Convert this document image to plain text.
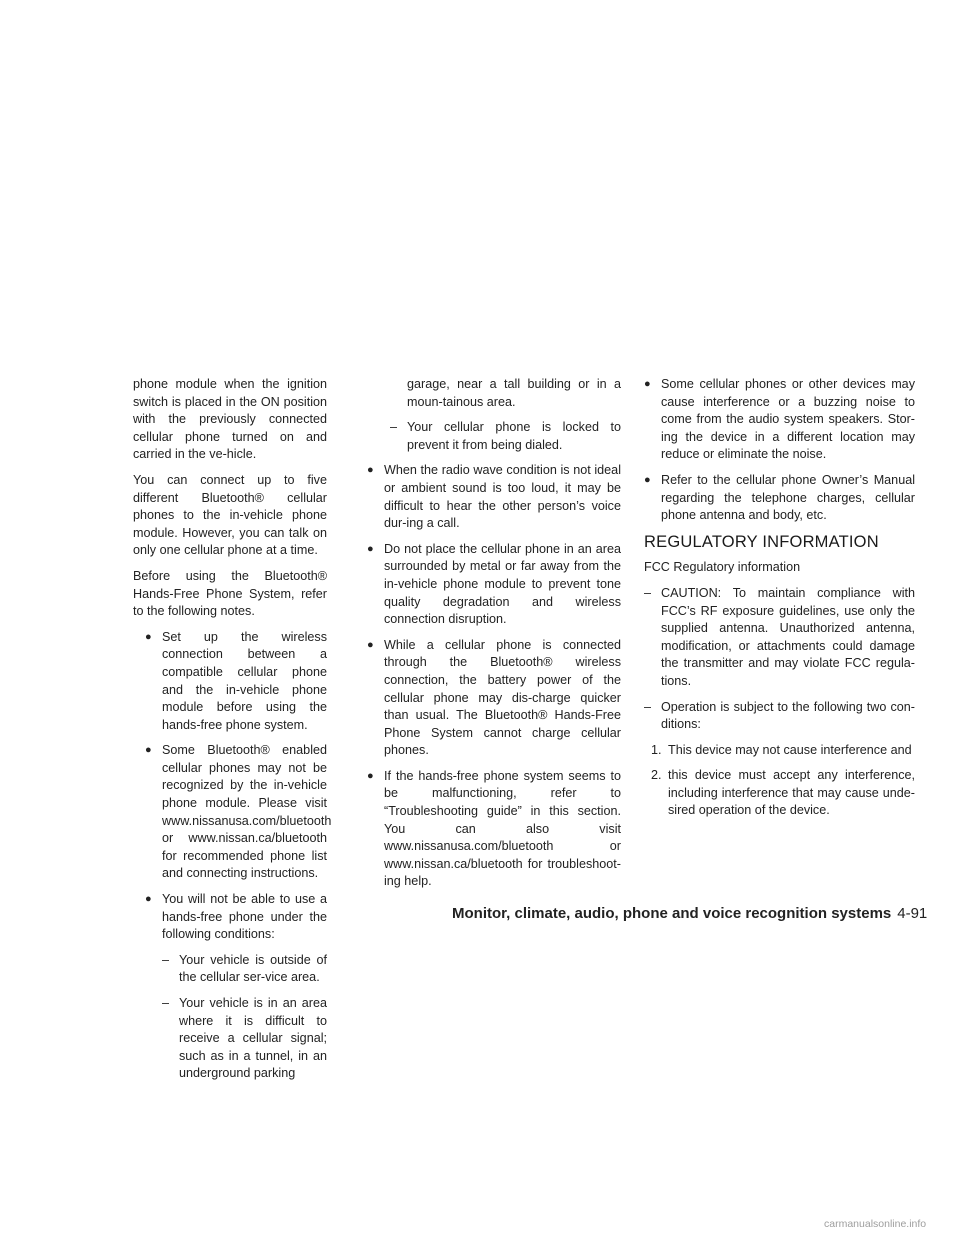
phone module when the ignition switch is placed in the ON position with the previously connected cellular phone turned on and carried in the ve-hicle.

You can connect up to five different Bluetooth® cellular phones to the in-vehicle phone module. However, you can talk on only one cellular phone at a time.

Before using the Bluetooth® Hands-Free Phone System, refer to the following notes.

● Set up the wireless connection between a compatible cellular phone and the in-vehicle phone module before using the hands-free phone system.
● Some Bluetooth® enabled cellular phones may not be recognized by the in-vehicle phone module. Please visit www.nissanusa.com/bluetooth or www.nissan.ca/bluetooth for recommended phone list and connecting instructions.
● You will not be able to use a hands-free phone under the following conditions:
– Your vehicle is outside of the cellular ser-vice area.
– Your vehicle is in an area where it is difficult to receive a cellular signal; such as in a tunnel, in an underground parking

garage, near a tall building or in a moun-tainous area.

– Your cellular phone is locked to prevent it from being dialed.
● When the radio wave condition is not ideal or ambient sound is too loud, it may be difficult to hear the other person’s voice dur-ing a call.
● Do not place the cellular phone in an area surrounded by metal or far away from the in-vehicle phone module to prevent tone quality degradation and wireless connection disruption.
● While a cellular phone is connected through the Bluetooth® wireless connection, the battery power of the cellular phone may dis-charge quicker than usual. The Bluetooth® Hands-Free Phone System cannot charge cellular phones.
● If the hands-free phone system seems to be malfunctioning, refer to “Troubleshooting guide” in this section. You can also visit www.nissanusa.com/bluetooth or www.nissan.ca/bluetooth for troubleshoot-ing help.
● Some cellular phones or other devices may cause interference or a buzzing noise to come from the audio system speakers. Stor-ing the device in a different location may reduce or eliminate the noise.
● Refer to the cellular phone Owner’s Manual regarding the telephone charges, cellular phone antenna and body, etc.
REGULATORY INFORMATION

FCC Regulatory information

– CAUTION: To maintain compliance with FCC’s RF exposure guidelines, use only the supplied antenna. Unauthorized antenna, modification, or attachments could damage the transmitter and may violate FCC regula-tions.
– Operation is subject to the following two con-ditions:
1. This device may not cause interference and
2. this device must accept any interference, including interference that may cause unde-sired operation of the device.
Monitor, climate, audio, phone and voice recognition systems 4-91
carmanualsonline.info
